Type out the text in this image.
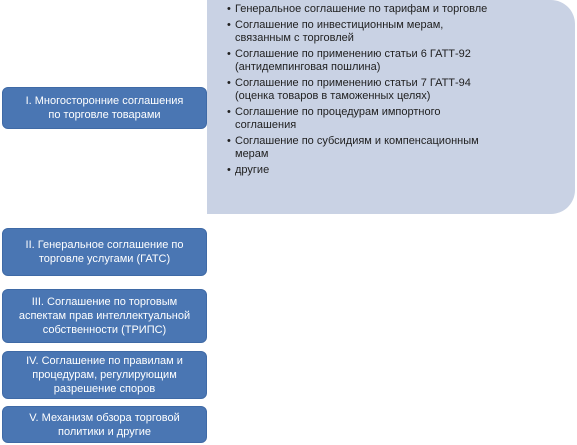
I. Многосторонние соглашения
по торговле товарами
• Генеральное соглашение по тарифам и торговле
• Соглашение по инвестиционным мерам,
связанным с торговлей
• Соглашение по применению статьи 6 ГАТТ-92
(антидемпинговая пошлина)
• Соглашение по применению статьи 7 ГАТТ-94
(оценка товаров в таможенных целях)
• Соглашение по процедурам импортного
соглашения
• Соглашение по субсидиям и компенсационным
мерам
• другие
II. Генеральное соглашение по
торговле услугами (ГАТС)
III. Соглашение по торговым
аспектам прав интеллектуальной
собственности (ТРИПС)
IV. Соглашение по правилам и
процедурам, регулирующим
разрешение споров
V. Механизм обзора торговой
политики и другие
